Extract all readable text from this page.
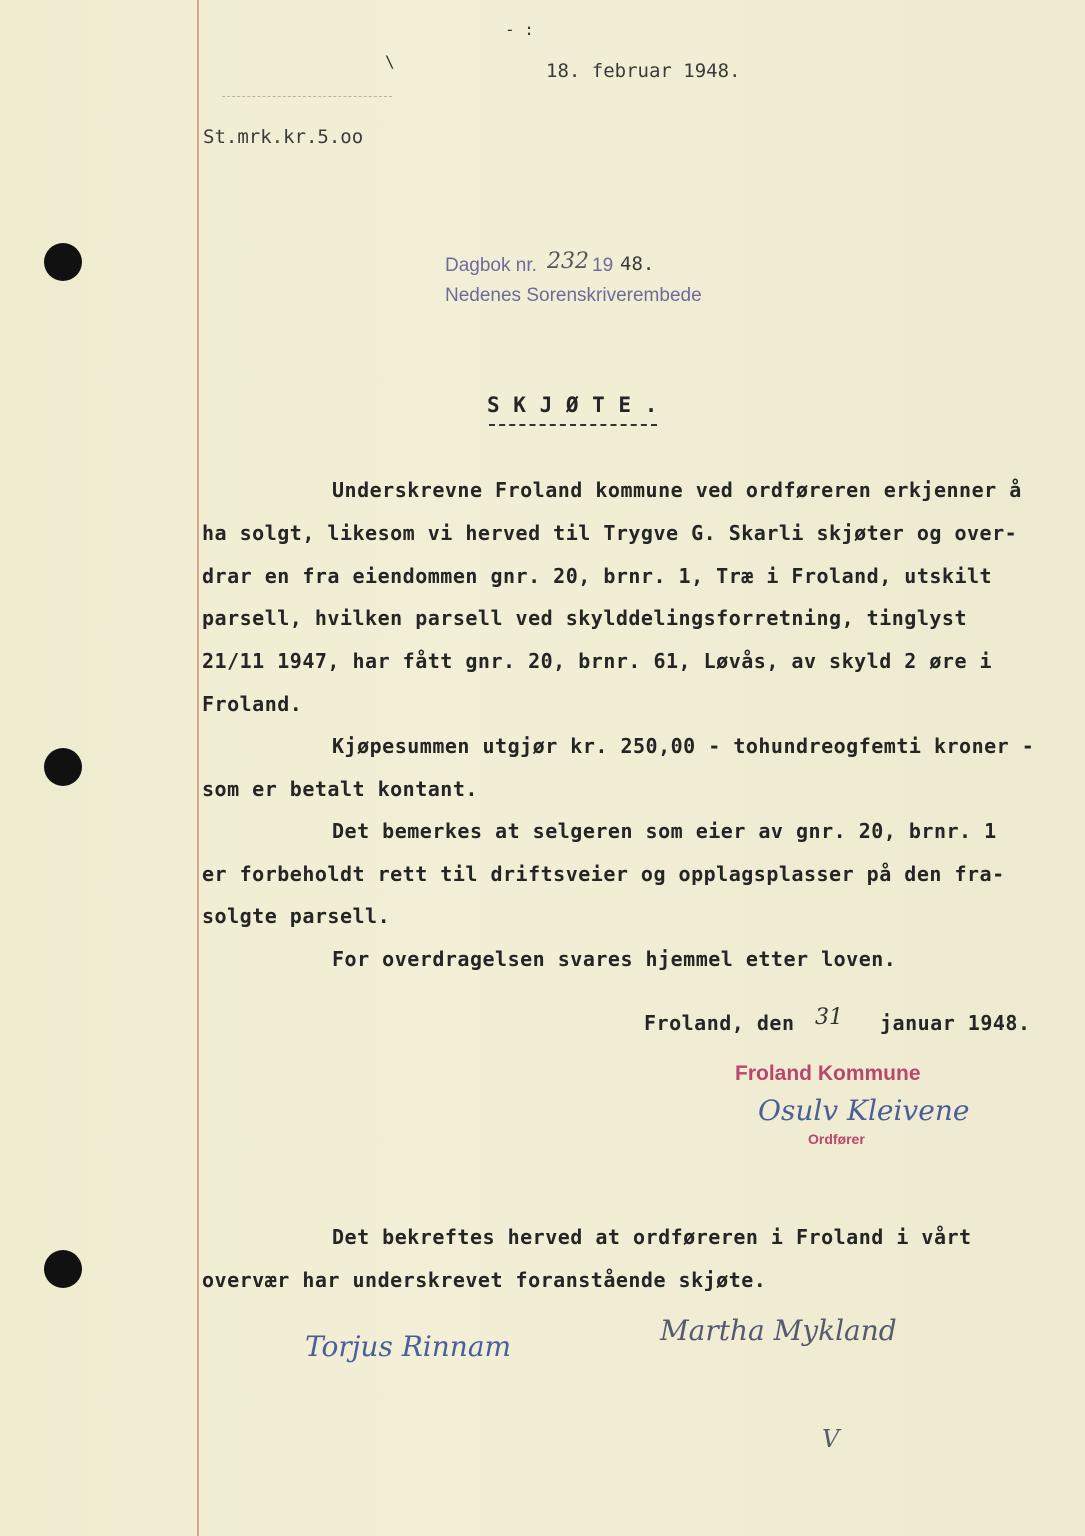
- :
\	18. februar 1948.
St.mrk.kr.5.oo
Dagbok nr. 232 19 48.
Nedenes Sorenskriverembede
S K J Ø T E .
Underskrevne Froland kommune ved ordføreren erkjenner å
ha solgt, likesom vi herved til Trygve G. Skarli skjøter og over-
drar en fra eiendommen gnr. 20, brnr. 1, Træ i Froland, utskilt
parsell, hvilken parsell ved skylddelingsforretning, tinglyst
21/11 1947, har fått gnr. 20, brnr. 61, Løvås, av skyld 2 øre i
Froland.
Kjøpesummen utgjør kr. 250,00 - tohundreogfemti kroner -
som er betalt kontant.
Det bemerkes at selgeren som eier av gnr. 20, brnr. 1
er forbeholdt rett til driftsveier og opplagsplasser på den fra-
solgte parsell.
For overdragelsen svares hjemmel etter loven.
Froland, den 31 januar 1948.
Froland Kommune
Osulv Kleivene
Ordfører
Det bekreftes herved at ordføreren i Froland i vårt
overvær har underskrevet foranstående skjøte.
Torjus Rinnam	Martha Mykland
V
